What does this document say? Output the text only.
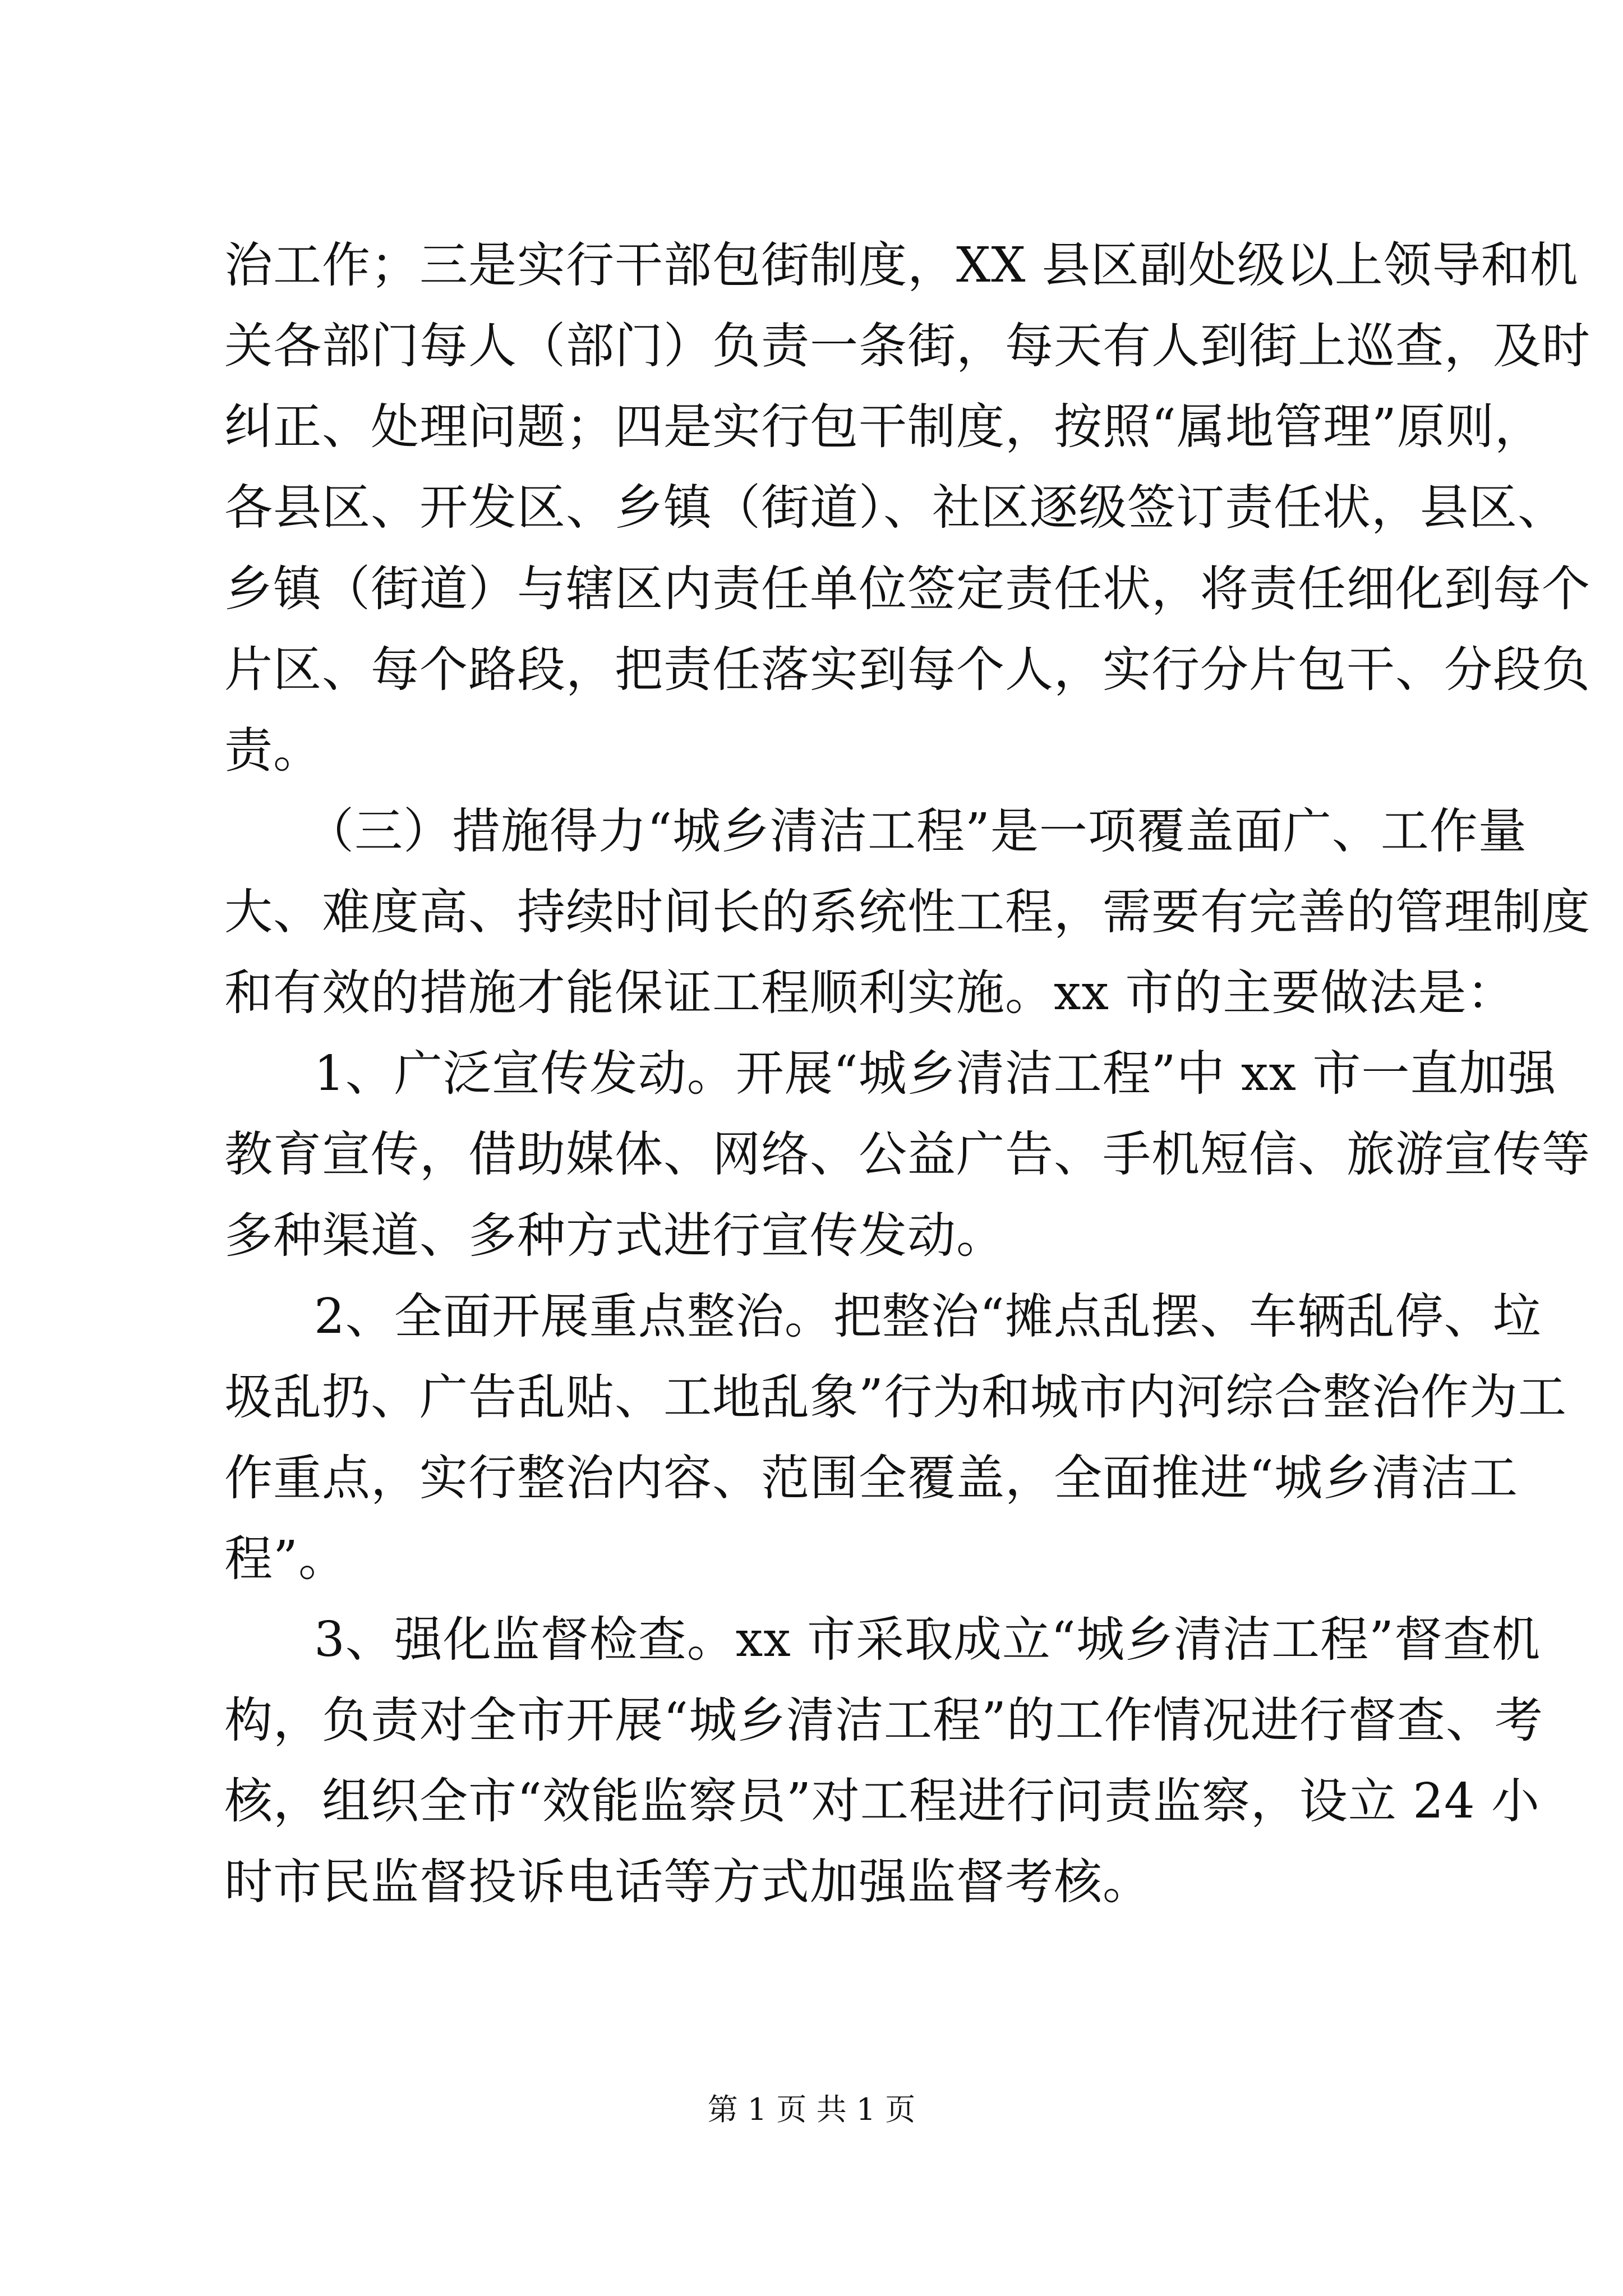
治工作；三是实行干部包街制度，XX 县区副处级以上领导和机

关各部门每人（部门）负责一条街，每天有人到街上巡查，及时

纠正、处理问题；四是实行包干制度，按照“属地管理”原则，

各县区、开发区、乡镇（街道）、社区逐级签订责任状，县区、

乡镇（街道）与辖区内责任单位签定责任状，将责任细化到每个

片区、每个路段，把责任落实到每个人，实行分片包干、分段负

责。

（三）措施得力“城乡清洁工程”是一项覆盖面广、工作量

大、难度高、持续时间长的系统性工程，需要有完善的管理制度

和有效的措施才能保证工程顺利实施。xx 市的主要做法是：

1、广泛宣传发动。开展“城乡清洁工程”中 xx 市一直加强

教育宣传，借助媒体、网络、公益广告、手机短信、旅游宣传等

多种渠道、多种方式进行宣传发动。

2、全面开展重点整治。把整治“摊点乱摆、车辆乱停、垃

圾乱扔、广告乱贴、工地乱象”行为和城市内河综合整治作为工

作重点，实行整治内容、范围全覆盖，全面推进“城乡清洁工

程”。

3、强化监督检查。xx 市采取成立“城乡清洁工程”督查机

构，负责对全市开展“城乡清洁工程”的工作情况进行督查、考

核，组织全市“效能监察员”对工程进行问责监察，设立 24 小

时市民监督投诉电话等方式加强监督考核。

第 1 页 共 1 页
